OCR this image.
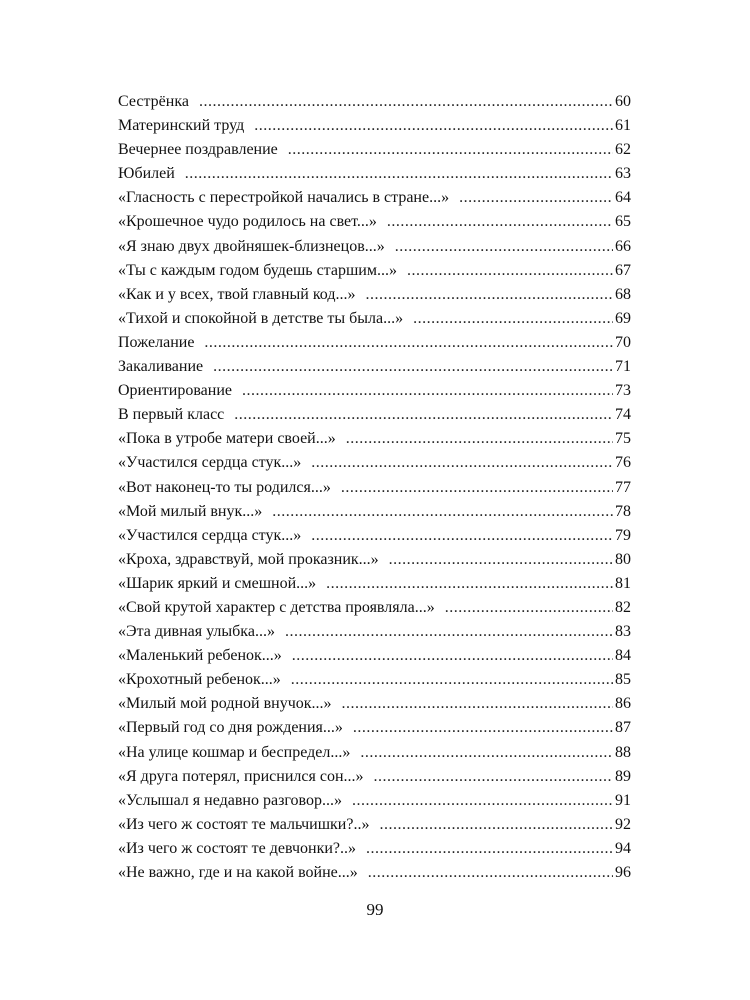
Сестрёнка .....	60
Материнский труд .....	61
Вечернее поздравление .....	62
Юбилей .....	63
«Гласность с перестройкой начались в стране...» .....	64
«Крошечное чудо родилось на свет...» .....	65
«Я знаю двух двойняшек-близнецов...» .....	66
«Ты с каждым годом будешь старшим...» .....	67
«Как и у всех, твой главный код...» .....	68
«Тихой и спокойной в детстве ты была...» .....	69
Пожелание .....	70
Закаливание .....	71
Ориентирование .....	73
В первый класс .....	74
«Пока в утробе матери своей...» .....	75
«Участился сердца стук...» .....	76
«Вот наконец-то ты родился...» .....	77
«Мой милый внук...» .....	78
«Участился сердца стук...» .....	79
«Кроха, здравствуй, мой проказник...» .....	80
«Шарик яркий и смешной...» .....	81
«Свой крутой характер с детства проявляла...» .....	82
«Эта дивная улыбка...» .....	83
«Маленький ребенок...» .....	84
«Крохотный ребенок...» .....	85
«Милый мой родной внучок...» .....	86
«Первый год со дня рождения...» .....	87
«На улице кошмар и беспредел...» .....	88
«Я друга потерял, приснился сон...» .....	89
«Услышал я недавно разговор...» .....	91
«Из чего ж состоят те мальчишки?..» .....	92
«Из чего ж состоят те девчонки?..» .....	94
«Не важно, где и на какой войне...» .....	96
99
